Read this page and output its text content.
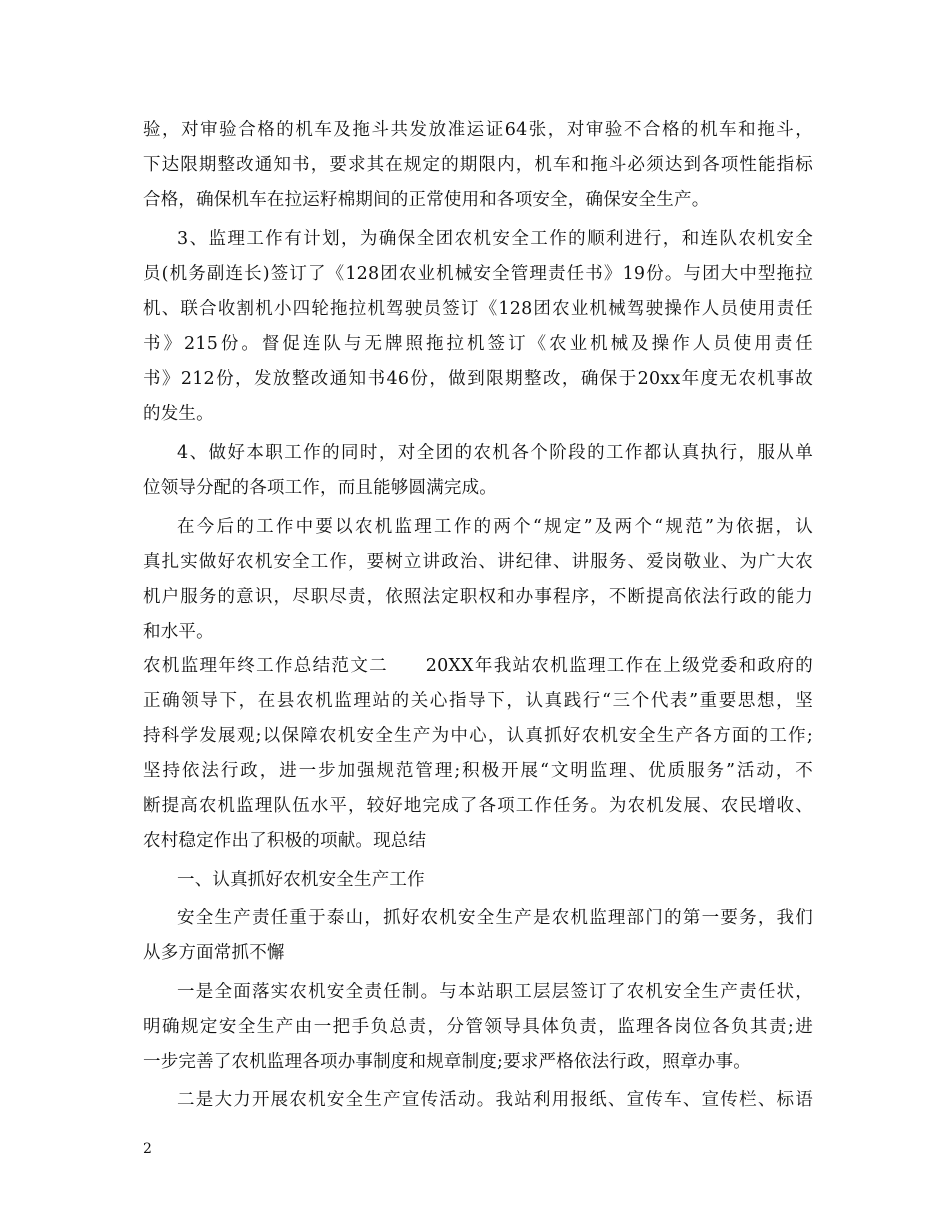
验，对审验合格的机车及拖斗共发放准运证64张，对审验不合格的机车和拖斗，
下达限期整改通知书，要求其在规定的期限内，机车和拖斗必须达到各项性能指标
合格，确保机车在拉运籽棉期间的正常使用和各项安全，确保安全生产。
3、监理工作有计划，为确保全团农机安全工作的顺利进行，和连队农机安全
员(机务副连长)签订了《128团农业机械安全管理责任书》19份。与团大中型拖拉
机、联合收割机小四轮拖拉机驾驶员签订《128团农业机械驾驶操作人员使用责任
书》215份。督促连队与无牌照拖拉机签订《农业机械及操作人员使用责任
书》212份，发放整改通知书46份，做到限期整改，确保于20xx年度无农机事故
的发生。
4、做好本职工作的同时，对全团的农机各个阶段的工作都认真执行，服从单
位领导分配的各项工作，而且能够圆满完成。
在今后的工作中要以农机监理工作的两个“规定”及两个“规范”为依据，认
真扎实做好农机安全工作，要树立讲政治、讲纪律、讲服务、爱岗敬业、为广大农
机户服务的意识，尽职尽责，依照法定职权和办事程序，不断提高依法行政的能力
和水平。
农机监理年终工作总结范文二　　20XX年我站农机监理工作在上级党委和政府的
正确领导下，在县农机监理站的关心指导下，认真践行“三个代表”重要思想，坚
持科学发展观;以保障农机安全生产为中心，认真抓好农机安全生产各方面的工作;
坚持依法行政，进一步加强规范管理;积极开展“文明监理、优质服务”活动，不
断提高农机监理队伍水平，较好地完成了各项工作任务。为农机发展、农民增收、
农村稳定作出了积极的项献。现总结
一、认真抓好农机安全生产工作
安全生产责任重于泰山，抓好农机安全生产是农机监理部门的第一要务，我们
从多方面常抓不懈
一是全面落实农机安全责任制。与本站职工层层签订了农机安全生产责任状，
明确规定安全生产由一把手负总责，分管领导具体负责，监理各岗位各负其责;进
一步完善了农机监理各项办事制度和规章制度;要求严格依法行政，照章办事。
二是大力开展农机安全生产宣传活动。我站利用报纸、宣传车、宣传栏、标语
2
